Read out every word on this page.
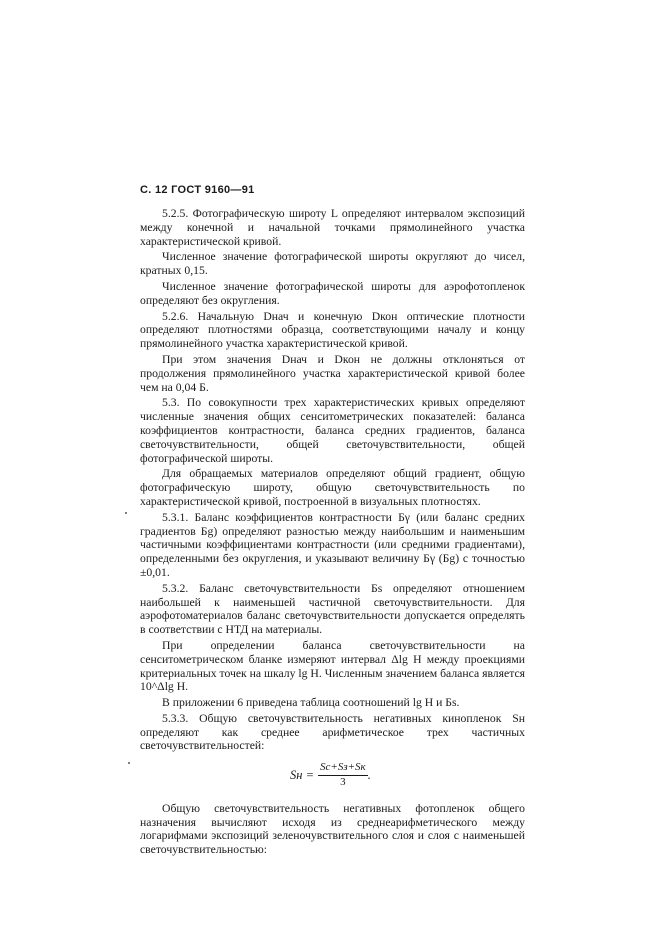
С. 12 ГОСТ 9160—91

5.2.5. Фотографическую широту L определяют интервалом экспозиций между конечной и начальной точками прямолинейного участка характеристической кривой.

Численное значение фотографической широты округляют до чисел, кратных 0,15.

Численное значение фотографической широты для аэрофотопленок определяют без округления.

5.2.6. Начальную Dнач и конечную Dкон оптические плотности определяют плотностями образца, соответствующими началу и концу прямолинейного участка характеристической кривой.

При этом значения Dнач и Dкон не должны отклоняться от продолжения прямолинейного участка характеристической кривой более чем на 0,04 Б.

5.3. По совокупности трех характеристических кривых определяют численные значения общих сенситометрических показателей: баланса коэффициентов контрастности, баланса средних градиентов, баланса светочувствительности, общей светочувствительности, общей фотографической широты.

Для обращаемых материалов определяют общий градиент, общую фотографическую широту, общую светочувствительность по характеристической кривой, построенной в визуальных плотностях.

5.3.1. Баланс коэффициентов контрастности Бγ (или баланс средних градиентов Бg) определяют разностью между наибольшим и наименьшим частичными коэффициентами контрастности (или средними градиентами), определенными без округления, и указывают величину Бγ (Бg) с точностью ±0,01.

5.3.2. Баланс светочувствительности Бs определяют отношением наибольшей к наименьшей частичной светочувствительности. Для аэрофотоматериалов баланс светочувствительности допускается определять в соответствии с НТД на материалы.

При определении баланса светочувствительности на сенситометрическом бланке измеряют интервал Δlg H между проекциями критериальных точек на шкалу lg H. Численным значением баланса является 10^Δlg H.

В приложении 6 приведена таблица соотношений lg H и Бs.

5.3.3. Общую светочувствительность негативных кинопленок Sн определяют как среднее арифметическое трех частичных светочувствительностей:

Sн = $\frac{Sс+Sз+Sк}{3}$ .

Общую светочувствительность негативных фотопленок общего назначения вычисляют исходя из среднеарифметического между логарифмами экспозиций зеленочувствительного слоя и слоя с наименьшей светочувствительностью:
